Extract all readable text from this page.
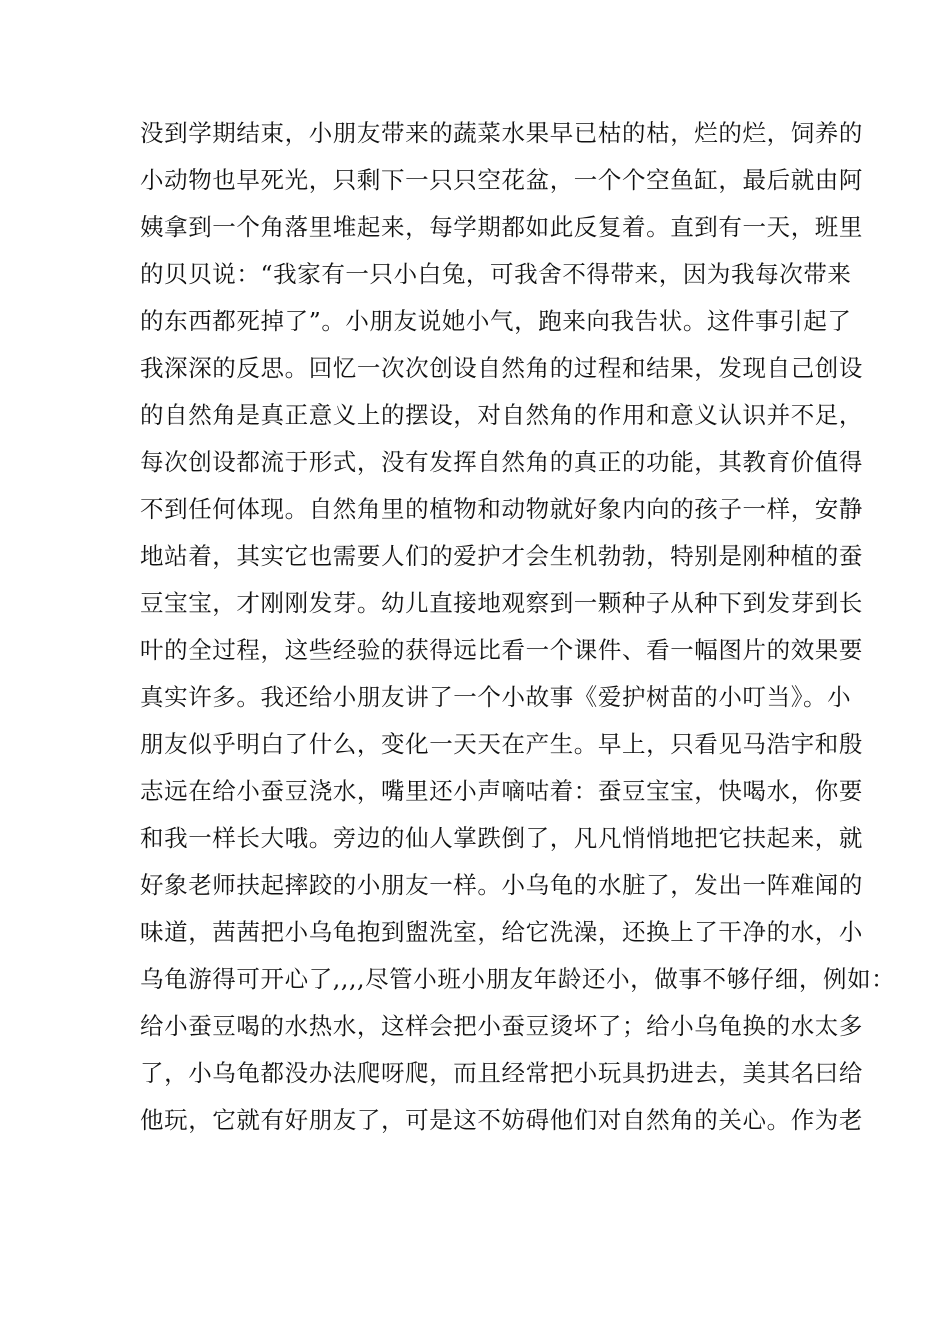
没到学期结束，小朋友带来的蔬菜水果早已枯的枯，烂的烂，饲养的
小动物也早死光，只剩下一只只空花盆，一个个空鱼缸，最后就由阿
姨拿到一个角落里堆起来，每学期都如此反复着。直到有一天，班里
的贝贝说：“我家有一只小白兔，可我舍不得带来，因为我每次带来
的东西都死掉了”。小朋友说她小气，跑来向我告状。这件事引起了
我深深的反思。回忆一次次创设自然角的过程和结果，发现自己创设
的自然角是真正意义上的摆设，对自然角的作用和意义认识并不足，
每次创设都流于形式，没有发挥自然角的真正的功能，其教育价值得
不到任何体现。自然角里的植物和动物就好象内向的孩子一样，安静
地站着，其实它也需要人们的爱护才会生机勃勃，特别是刚种植的蚕
豆宝宝，才刚刚发芽。幼儿直接地观察到一颗种子从种下到发芽到长
叶的全过程，这些经验的获得远比看一个课件、看一幅图片的效果要
真实许多。我还给小朋友讲了一个小故事《爱护树苗的小叮当》。小
朋友似乎明白了什么，变化一天天在产生。早上，只看见马浩宇和殷
志远在给小蚕豆浇水，嘴里还小声嘀咕着：蚕豆宝宝，快喝水，你要
和我一样长大哦。旁边的仙人掌跌倒了，凡凡悄悄地把它扶起来，就
好象老师扶起摔跤的小朋友一样。小乌龟的水脏了，发出一阵难闻的
味道，茜茜把小乌龟抱到盥洗室，给它洗澡，还换上了干净的水，小
乌龟游得可开心了,,,,尽管小班小朋友年龄还小，做事不够仔细，例如：
给小蚕豆喝的水热水，这样会把小蚕豆烫坏了；给小乌龟换的水太多
了，小乌龟都没办法爬呀爬，而且经常把小玩具扔进去，美其名曰给
他玩，它就有好朋友了，可是这不妨碍他们对自然角的关心。作为老
